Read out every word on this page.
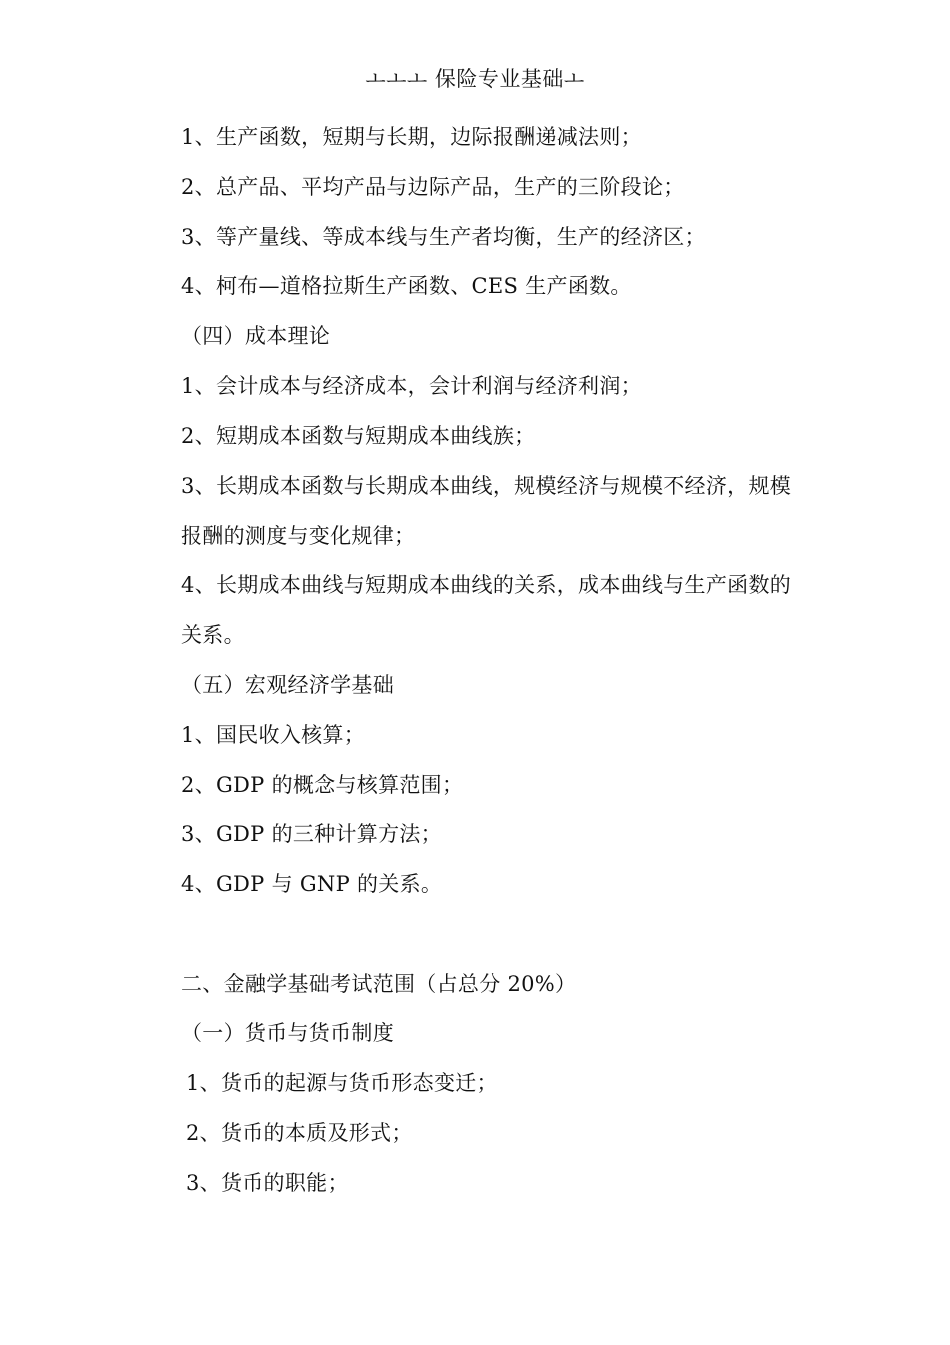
ￌￌￌ 保险专业基础ￌ
1、生产函数，短期与长期，边际报酬递减法则；
2、总产品、平均产品与边际产品，生产的三阶段论；
3、等产量线、等成本线与生产者均衡，生产的经济区；
4、柯布—道格拉斯生产函数、CES 生产函数。
（四）成本理论
1、会计成本与经济成本，会计利润与经济利润；
2、短期成本函数与短期成本曲线族；
3、长期成本函数与长期成本曲线，规模经济与规模不经济，规模
报酬的测度与变化规律；
4、长期成本曲线与短期成本曲线的关系，成本曲线与生产函数的
关系。
（五）宏观经济学基础
1、国民收入核算；
2、GDP 的概念与核算范围；
3、GDP 的三种计算方法；
4、GDP 与 GNP 的关系。
二、金融学基础考试范围（占总分 20%）
（一）货币与货币制度
1、货币的起源与货币形态变迁；
2、货币的本质及形式；
3、货币的职能；
